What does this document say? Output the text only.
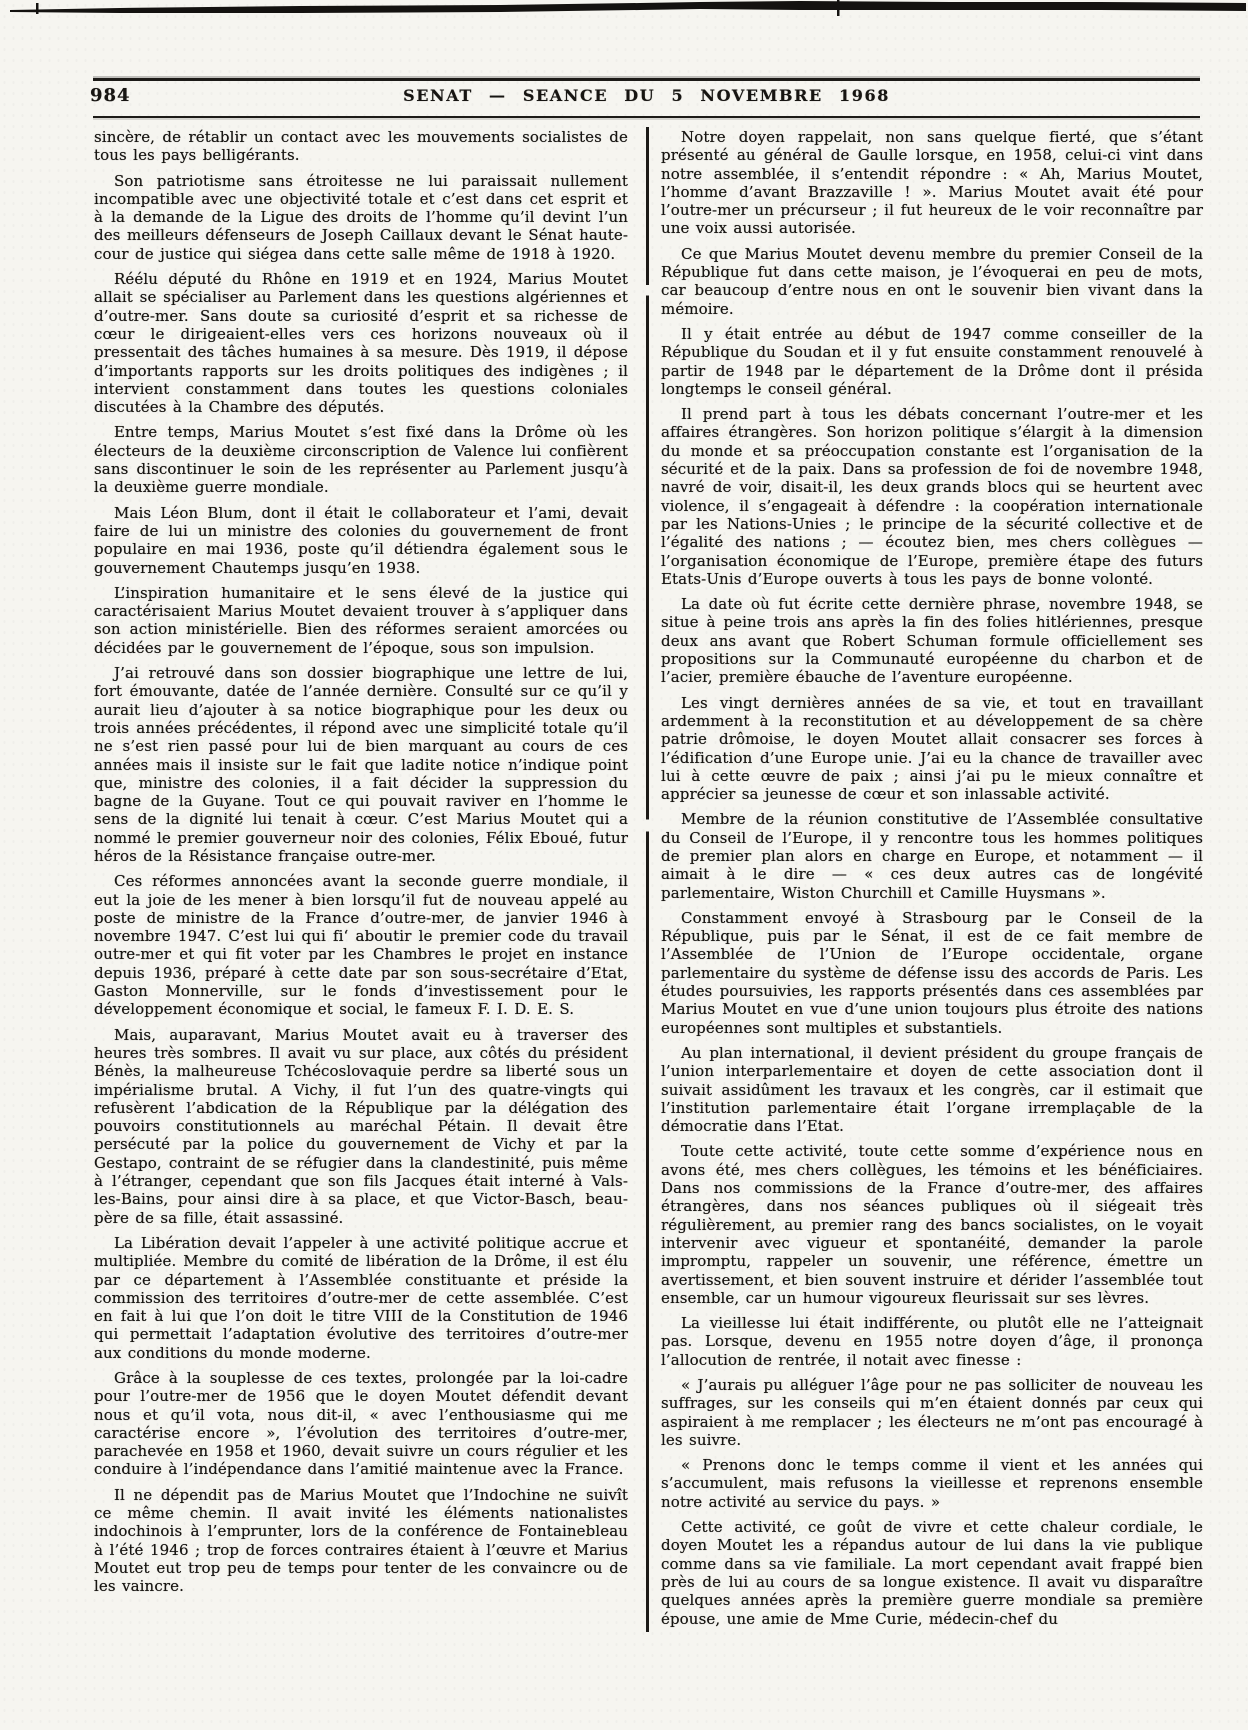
984	SENAT — SEANCE DU 5 NOVEMBRE 1968

sincère, de rétablir un contact avec les mouvements socialistes de tous les pays belligérants.

Son patriotisme sans étroitesse ne lui paraissait nullement incompatible avec une objectivité totale et c’est dans cet esprit et à la demande de la Ligue des droits de l’homme qu’il devint l’un des meilleurs défenseurs de Joseph Caillaux devant le Sénat haute-cour de justice qui siégea dans cette salle même de 1918 à 1920.

Réélu député du Rhône en 1919 et en 1924, Marius Moutet allait se spécialiser au Parlement dans les questions algériennes et d’outre-mer. Sans doute sa curiosité d’esprit et sa richesse de cœur le dirigeaient-elles vers ces horizons nouveaux où il pressentait des tâches humaines à sa mesure. Dès 1919, il dépose d’importants rapports sur les droits politiques des indigènes ; il intervient constamment dans toutes les questions coloniales discutées à la Chambre des députés.

Entre temps, Marius Moutet s’est fixé dans la Drôme où les électeurs de la deuxième circonscription de Valence lui confièrent sans discontinuer le soin de les représenter au Parlement jusqu’à la deuxième guerre mondiale.

Mais Léon Blum, dont il était le collaborateur et l’ami, devait faire de lui un ministre des colonies du gouvernement de front populaire en mai 1936, poste qu’il détiendra également sous le gouvernement Chautemps jusqu’en 1938.

L’inspiration humanitaire et le sens élevé de la justice qui caractérisaient Marius Moutet devaient trouver à s’appliquer dans son action ministérielle. Bien des réformes seraient amorcées ou décidées par le gouvernement de l’époque, sous son impulsion.

J’ai retrouvé dans son dossier biographique une lettre de lui, fort émouvante, datée de l’année dernière. Consulté sur ce qu’il y aurait lieu d’ajouter à sa notice biographique pour les deux ou trois années précédentes, il répond avec une simplicité totale qu’il ne s’est rien passé pour lui de bien marquant au cours de ces années mais il insiste sur le fait que ladite notice n’indique point que, ministre des colonies, il a fait décider la suppression du bagne de la Guyane. Tout ce qui pouvait raviver en l’homme le sens de la dignité lui tenait à cœur. C’est Marius Moutet qui a nommé le premier gouverneur noir des colonies, Félix Eboué, futur héros de la Résistance française outre-mer.

Ces réformes annoncées avant la seconde guerre mondiale, il eut la joie de les mener à bien lorsqu’il fut de nouveau appelé au poste de ministre de la France d’outre-mer, de janvier 1946 à novembre 1947. C’est lui qui fi‘ aboutir le premier code du travail outre-mer et qui fit voter par les Chambres le projet en instance depuis 1936, préparé à cette date par son sous-secrétaire d’Etat, Gaston Monnerville, sur le fonds d’investissement pour le développement économique et social, le fameux F. I. D. E. S.

Mais, auparavant, Marius Moutet avait eu à traverser des heures très sombres. Il avait vu sur place, aux côtés du président Bénès, la malheureuse Tchécoslovaquie perdre sa liberté sous un impérialisme brutal. A Vichy, il fut l’un des quatre-vingts qui refusèrent l’abdication de la République par la délégation des pouvoirs constitutionnels au maréchal Pétain. Il devait être persécuté par la police du gouvernement de Vichy et par la Gestapo, contraint de se réfugier dans la clandestinité, puis même à l’étranger, cependant que son fils Jacques était interné à Vals-les-Bains, pour ainsi dire à sa place, et que Victor-Basch, beau-père de sa fille, était assassiné.

La Libération devait l’appeler à une activité politique accrue et multipliée. Membre du comité de libération de la Drôme, il est élu par ce département à l’Assemblée constituante et préside la commission des territoires d’outre-mer de cette assemblée. C’est en fait à lui que l’on doit le titre VIII de la Constitution de 1946 qui permettait l’adaptation évolutive des territoires d’outre-mer aux conditions du monde moderne.

Grâce à la souplesse de ces textes, prolongée par la loi-cadre pour l’outre-mer de 1956 que le doyen Moutet défendit devant nous et qu’il vota, nous dit-il, « avec l’enthousiasme qui me caractérise encore », l’évolution des territoires d’outre-mer, parachevée en 1958 et 1960, devait suivre un cours régulier et les conduire à l’indépendance dans l’amitié maintenue avec la France.

Il ne dépendit pas de Marius Moutet que l’Indochine ne suivît ce même chemin. Il avait invité les éléments nationalistes indochinois à l’emprunter, lors de la conférence de Fontainebleau à l’été 1946 ; trop de forces contraires étaient à l’œuvre et Marius Moutet eut trop peu de temps pour tenter de les convaincre ou de les vaincre.

Notre doyen rappelait, non sans quelque fierté, que s’étant présenté au général de Gaulle lorsque, en 1958, celui-ci vint dans notre assemblée, il s’entendit répondre : « Ah, Marius Moutet, l’homme d’avant Brazzaville ! ». Marius Moutet avait été pour l’outre-mer un précurseur ; il fut heureux de le voir reconnaître par une voix aussi autorisée.

Ce que Marius Moutet devenu membre du premier Conseil de la République fut dans cette maison, je l’évoquerai en peu de mots, car beaucoup d’entre nous en ont le souvenir bien vivant dans la mémoire.

Il y était entrée au début de 1947 comme conseiller de la République du Soudan et il y fut ensuite constamment renouvelé à partir de 1948 par le département de la Drôme dont il présida longtemps le conseil général.

Il prend part à tous les débats concernant l’outre-mer et les affaires étrangères. Son horizon politique s’élargit à la dimension du monde et sa préoccupation constante est l’organisation de la sécurité et de la paix. Dans sa profession de foi de novembre 1948, navré de voir, disait-il, les deux grands blocs qui se heurtent avec violence, il s’engageait à défendre : la coopération internationale par les Nations-Unies ; le principe de la sécurité collective et de l’égalité des nations ; — écoutez bien, mes chers collègues — l’organisation économique de l’Europe, première étape des futurs Etats-Unis d’Europe ouverts à tous les pays de bonne volonté.

La date où fut écrite cette dernière phrase, novembre 1948, se situe à peine trois ans après la fin des folies hitlériennes, presque deux ans avant que Robert Schuman formule officiellement ses propositions sur la Communauté européenne du charbon et de l’acier, première ébauche de l’aventure européenne.

Les vingt dernières années de sa vie, et tout en travaillant ardemment à la reconstitution et au développement de sa chère patrie drômoise, le doyen Moutet allait consacrer ses forces à l’édification d’une Europe unie. J’ai eu la chance de travailler avec lui à cette œuvre de paix ; ainsi j’ai pu le mieux connaître et apprécier sa jeunesse de cœur et son inlassable activité.

Membre de la réunion constitutive de l’Assemblée consultative du Conseil de l’Europe, il y rencontre tous les hommes politiques de premier plan alors en charge en Europe, et notamment — il aimait à le dire — « ces deux autres cas de longévité parlementaire, Wiston Churchill et Camille Huysmans ».

Constamment envoyé à Strasbourg par le Conseil de la République, puis par le Sénat, il est de ce fait membre de l’Assemblée de l’Union de l’Europe occidentale, organe parlementaire du système de défense issu des accords de Paris. Les études poursuivies, les rapports présentés dans ces assemblées par Marius Moutet en vue d’une union toujours plus étroite des nations européennes sont multiples et substantiels.

Au plan international, il devient président du groupe français de l’union interparlementaire et doyen de cette association dont il suivait assidûment les travaux et les congrès, car il estimait que l’institution parlementaire était l’organe irremplaçable de la démocratie dans l’Etat.

Toute cette activité, toute cette somme d’expérience nous en avons été, mes chers collègues, les témoins et les bénéficiaires. Dans nos commissions de la France d’outre-mer, des affaires étrangères, dans nos séances publiques où il siégeait très régulièrement, au premier rang des bancs socialistes, on le voyait intervenir avec vigueur et spontanéité, demander la parole impromptu, rappeler un souvenir, une référence, émettre un avertissement, et bien souvent instruire et dérider l’assemblée tout ensemble, car un humour vigoureux fleurissait sur ses lèvres.

La vieillesse lui était indifférente, ou plutôt elle ne l’atteignait pas. Lorsque, devenu en 1955 notre doyen d’âge, il prononça l’allocution de rentrée, il notait avec finesse :

« J’aurais pu alléguer l’âge pour ne pas solliciter de nouveau les suffrages, sur les conseils qui m’en étaient donnés par ceux qui aspiraient à me remplacer ; les électeurs ne m’ont pas encouragé à les suivre.

« Prenons donc le temps comme il vient et les années qui s’accumulent, mais refusons la vieillesse et reprenons ensemble notre activité au service du pays. »

Cette activité, ce goût de vivre et cette chaleur cordiale, le doyen Moutet les a répandus autour de lui dans la vie publique comme dans sa vie familiale. La mort cependant avait frappé bien près de lui au cours de sa longue existence. Il avait vu disparaître quelques années après la première guerre mondiale sa première épouse, une amie de Mme Curie, médecin-chef du
